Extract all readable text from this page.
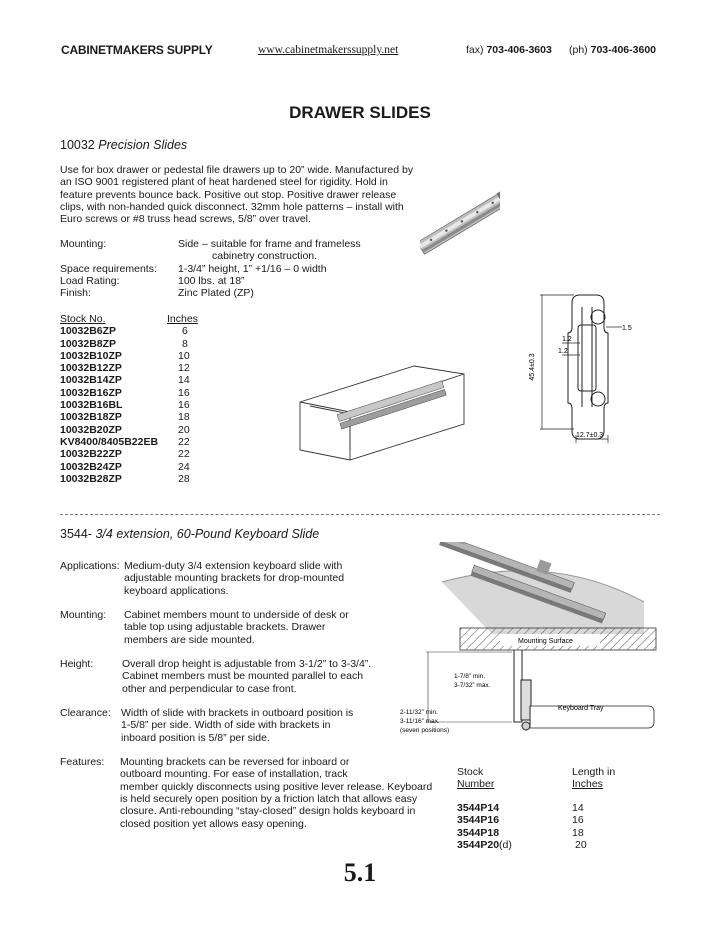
CABINETMAKERS SUPPLY	www.cabinetmakerssupply.net	fax) 703-406-3603 (ph) 703-406-3600
DRAWER SLIDES
10032 Precision Slides
Use for box drawer or pedestal file drawers up to 20” wide. Manufactured by an ISO 9001 registered plant of heat hardened steel for rigidity. Hold in feature prevents bounce back. Positive out stop. Positive drawer release clips, with non-handed quick disconnect. 32mm hole patterns – install with Euro screws or #8 truss head screws, 5/8” over travel.
Mounting:	Side – suitable for frame and frameless
cabinetry construction.
Space requirements: 1-3/4” height, 1” +1/16 – 0 width
Load Rating:	100 lbs. at 18”
Finish:	Zinc Plated (ZP)
Stock No.	Inches
10032B6ZP	6
10032B8ZP	8
10032B10ZP	10
10032B12ZP	12
10032B14ZP	14
10032B16ZP	16
10032B16BL	16
10032B18ZP	18
10032B20ZP	20
KV8400/8405B22EB 22
10032B22ZP	22
10032B24ZP	24
10032B28ZP	28
45.4±0.3
1.5
1.2
1.2
12.7±0.3
3544- 3/4 extension, 60-Pound Keyboard Slide
Applications: Medium-duty 3/4 extension keyboard slide with
adjustable mounting brackets for drop-mounted
keyboard applications.
Mounting: Cabinet members mount to underside of desk or
table top using adjustable brackets. Drawer
members are side mounted.
Height:	Overall drop height is adjustable from 3-1/2” to 3-3/4”.
Cabinet members must be mounted parallel to each
other and perpendicular to case front.
Clearance: Width of slide with brackets in outboard position is
1-5/8” per side. Width of side with brackets in
inboard position is 5/8” per side.
Features: Mounting brackets can be reversed for inboard or
outboard mounting. For ease of installation, track
member quickly disconnects using positive lever release. Keyboard
is held securely open position by a friction latch that allows easy
closure. Anti-rebounding “stay-closed” design holds keyboard in
closed position yet allows easy opening.
Stock
Number
Length in
Inches
3544P14	14
3544P16	16
3544P18	18
3544P20(d)	20
Mounting Surface
Keyboard Tray
1-7/8” min.
3-7/32” max.
2-11/32” min.
3-11/16” max.
(seven positions)
5.1
